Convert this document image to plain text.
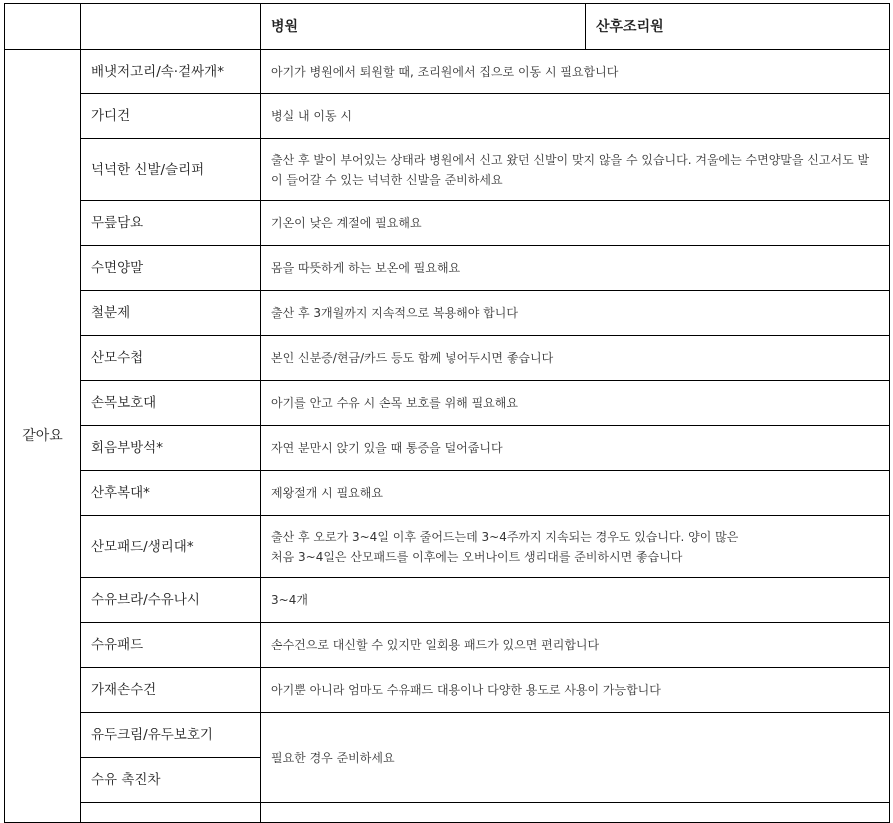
		병원	산후조리원
같아요	배냇저고리/속·겉싸개*	아기가 병원에서 퇴원할 때, 조리원에서 집으로 이동 시 필요합니다	
	가디건	병실 내 이동 시	
	넉넉한 신발/슬리퍼	출산 후 발이 부어있는 상태라 병원에서 신고 왔던 신발이 맞지 않을 수 있습니다. 겨울에는 수면양말을 신고서도 발이 들어갈 수 있는 넉넉한 신발을 준비하세요	
	무릎담요	기온이 낮은 계절에 필요해요	
	수면양말	몸을 따뜻하게 하는 보온에 필요해요	
	철분제	출산 후 3개월까지 지속적으로 복용해야 합니다	
	산모수첩	본인 신분증/현금/카드 등도 함께 넣어두시면 좋습니다	
	손목보호대	아기를 안고 수유 시 손목 보호를 위해 필요해요	
	회음부방석*	자연 분만시 앉기 있을 때 통증을 덜어줍니다	
	산후복대*	제왕절개 시 필요해요	
	산모패드/생리대*	출산 후 오로가 3~4일 이후 줄어드는데 3~4주까지 지속되는 경우도 있습니다. 양이 많은
처음 3~4일은 산모패드를 이후에는 오버나이트 생리대를 준비하시면 좋습니다	
	수유브라/수유나시	3~4개	
	수유패드	손수건으로 대신할 수 있지만 일회용 패드가 있으면 편리합니다	
	가재손수건	아기뿐 아니라 엄마도 수유패드 대용이나 다양한 용도로 사용이 가능합니다	
	유두크림/유두보호기	필요한 경우 준비하세요	
	수유 촉진차		
